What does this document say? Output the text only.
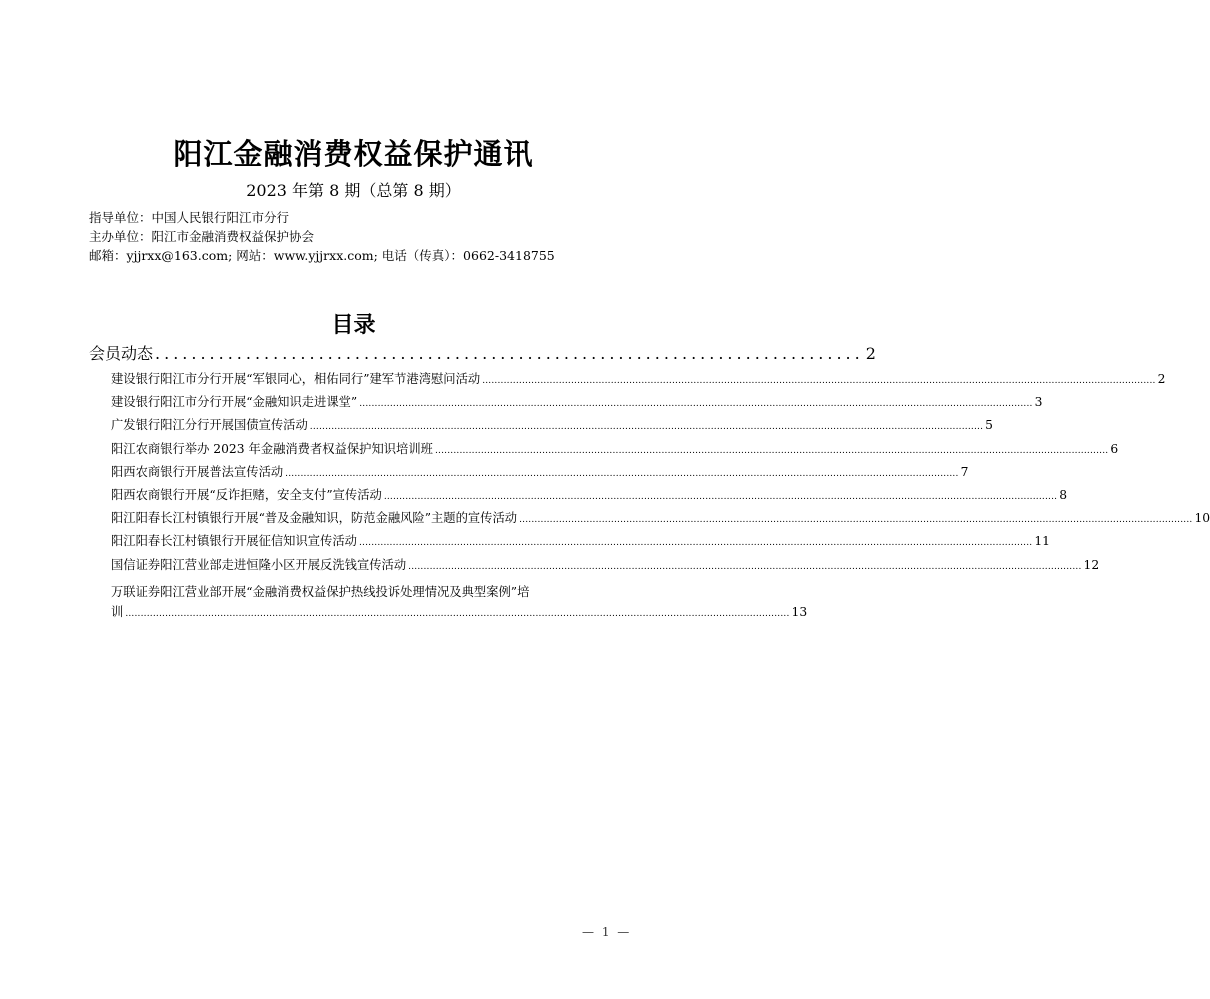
阳江金融消费权益保护通讯
2023 年第 8 期（总第 8 期）
指导单位：中国人民银行阳江市分行
主办单位：阳江市金融消费权益保护协会
邮箱：yjjrxx@163.com; 网站：www.yjjrxx.com; 电话（传真）：0662-3418755
目录
会员动态 .............................................................................. 2
建设银行阳江市分行开展“军银同心，相佑同行”建军节港湾慰问活动 ............................................................................................................................................................................................................................ 2
建设银行阳江市分行开展“金融知识走进课堂” ............................................................................................................................................................................................................................ 3
广发银行阳江分行开展国债宣传活动 ............................................................................................................................................................................................................................ 5
阳江农商银行举办 2023 年金融消费者权益保护知识培训班 ............................................................................................................................................................................................................................ 6
阳西农商银行开展普法宣传活动 ............................................................................................................................................................................................................................ 7
阳西农商银行开展“反诈拒赌，安全支付”宣传活动 ............................................................................................................................................................................................................................ 8
阳江阳春长江村镇银行开展“普及金融知识，防范金融风险”主题的宣传活动 ............................................................................................................................................................................................................................ 10
阳江阳春长江村镇银行开展征信知识宣传活动 ............................................................................................................................................................................................................................ 11
国信证券阳江营业部走进恒隆小区开展反洗钱宣传活动 ............................................................................................................................................................................................................................ 12
万联证券阳江营业部开展“金融消费权益保护热线投诉处理情况及典型案例”培
训 ......................................................................................................................................................................................................................... 13
— 1 —
